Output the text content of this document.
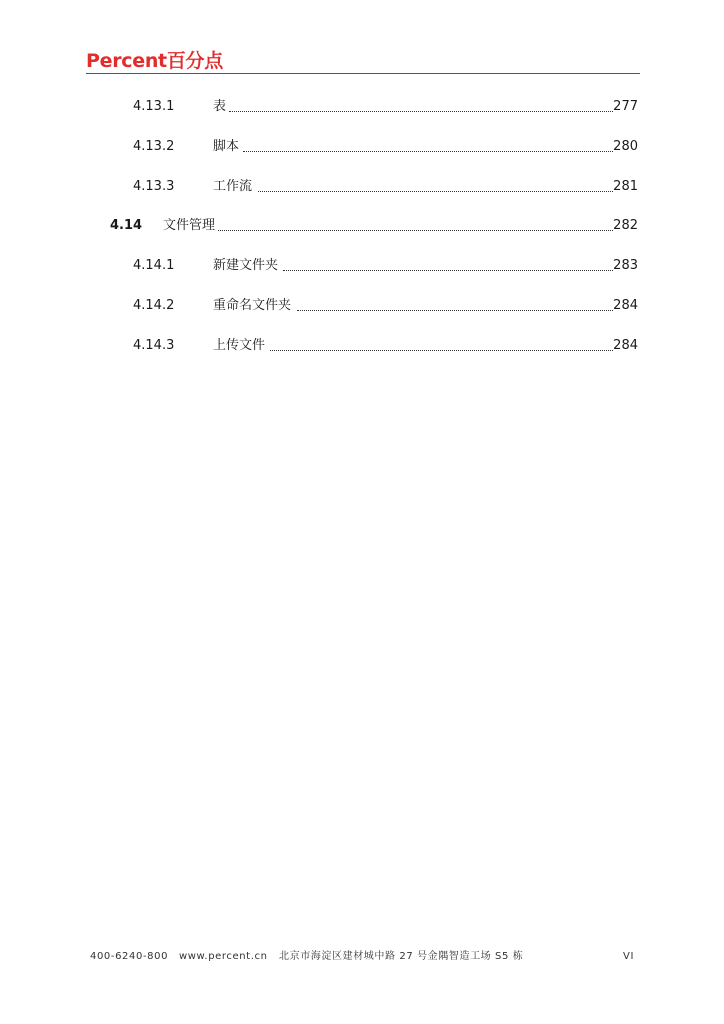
Percent百分点
4.13.1	表	277
4.13.2	脚本	280
4.13.3	工作流	281
4.14 文件管理	282
4.14.1	新建文件夹	283
4.14.2	重命名文件夹	284
4.14.3	上传文件	284
400-6240-800 www.percent.cn 北京市海淀区建材城中路 27 号金隅智造工场 S5 栋	VI
